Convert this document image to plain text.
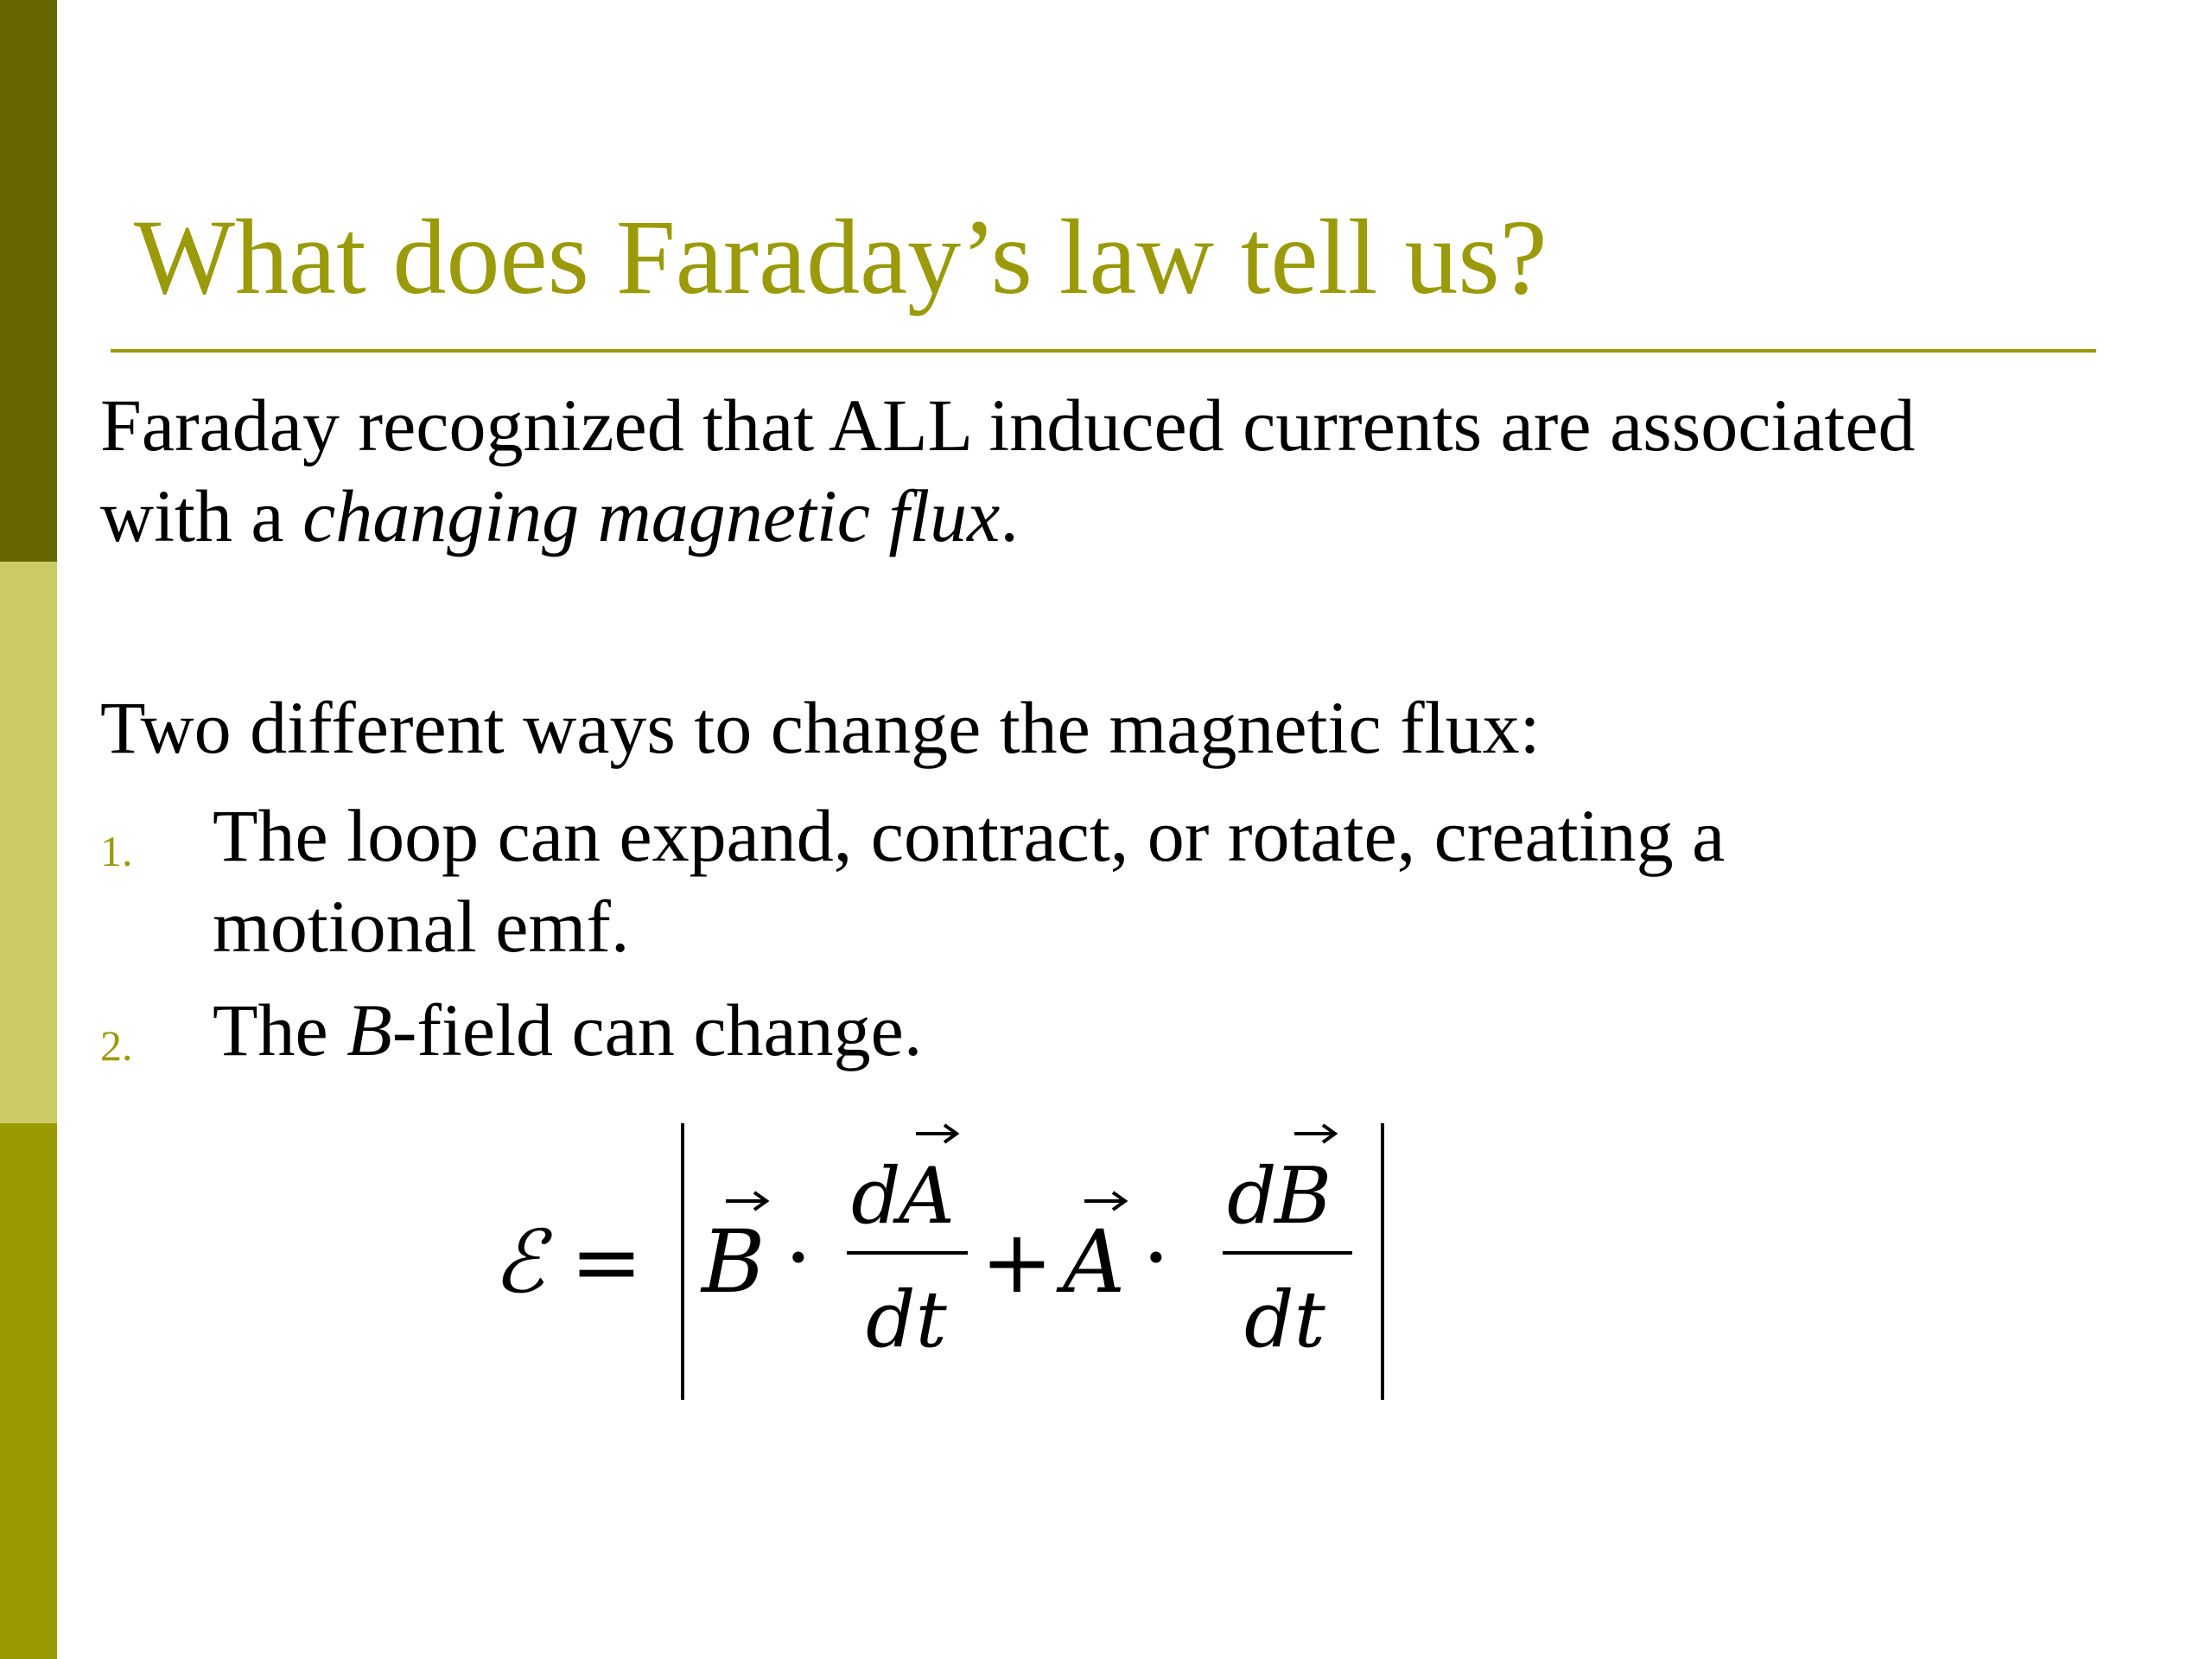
What does Faraday’s law tell us?
Faraday recognized that ALL induced currents are associated
with a changing magnetic flux.
Two different ways to change the magnetic flux:
1. The loop can expand, contract, or rotate, creating a
motional emf.
2. The B-field can change.
ℰ = B ·
d
A
dt
+ A ·
d
B
dt
